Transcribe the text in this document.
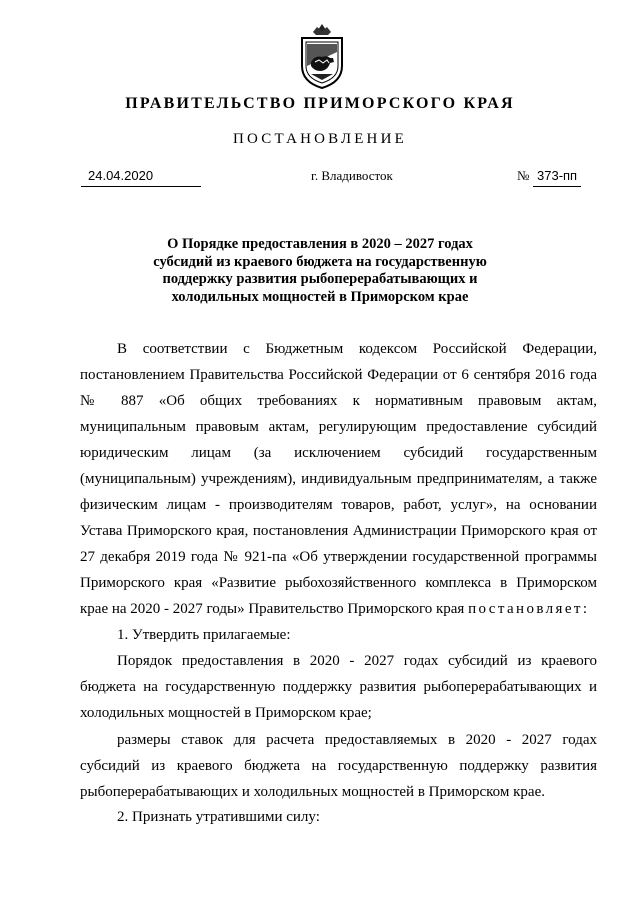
ПРАВИТЕЛЬСТВО ПРИМОРСКОГО КРАЯ
ПОСТАНОВЛЕНИЕ
24.04.2020	г. Владивосток	№ 373-пп
О Порядке предоставления в 2020 – 2027 годах
субсидий из краевого бюджета на государственную
поддержку развития рыбоперерабатывающих и
холодильных мощностей в Приморском крае
В соответствии с Бюджетным кодексом Российской Федерации,
постановлением Правительства Российской Федерации от 6 сентября 2016 года
№ 887 «Об общих требованиях к нормативным правовым актам,
муниципальным правовым актам, регулирующим предоставление субсидий
юридическим лицам (за исключением субсидий государственным
(муниципальным) учреждениям), индивидуальным предпринимателям, а также
физическим лицам - производителям товаров, работ, услуг», на основании
Устава Приморского края, постановления Администрации Приморского края от
27 декабря 2019 года № 921-па «Об утверждении государственной программы
Приморского края «Развитие рыбохозяйственного комплекса в Приморском
крае на 2020 - 2027 годы» Правительство Приморского края постановляет:
1. Утвердить прилагаемые:
Порядок предоставления в 2020 - 2027 годах субсидий из краевого
бюджета на государственную поддержку развития рыбоперерабатывающих и
холодильных мощностей в Приморском крае;
размеры ставок для расчета предоставляемых в 2020 - 2027 годах
субсидий из краевого бюджета на государственную поддержку развития
рыбоперерабатывающих и холодильных мощностей в Приморском крае.
2. Признать утратившими силу:
